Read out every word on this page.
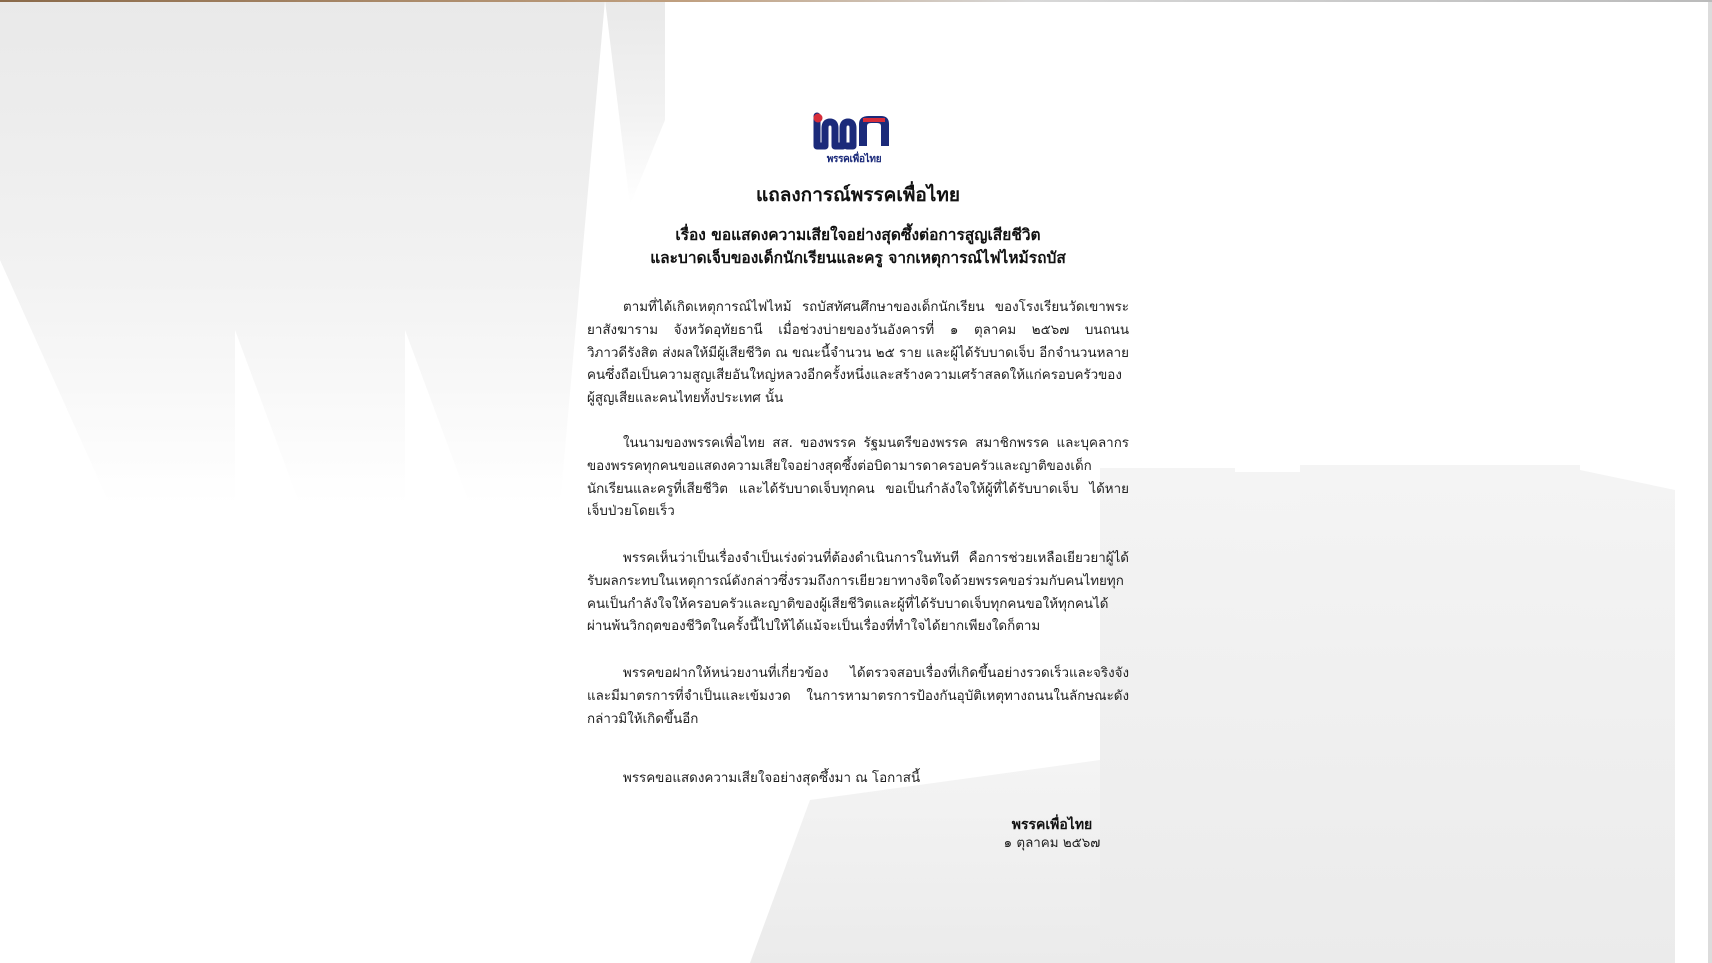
พรรคเพื่อไทย
แถลงการณ์พรรคเพื่อไทย
เรื่อง ขอแสดงความเสียใจอย่างสุดซึ้งต่อการสูญเสียชีวิต
และบาดเจ็บของเด็กนักเรียนและครู จากเหตุการณ์ไฟไหม้รถบัส

ตามที่ได้เกิดเหตุการณ์ไฟไหม้ รถบัสทัศนศึกษาของเด็กนักเรียน ของโรงเรียนวัดเขาพระยาสังฆาราม จังหวัดอุทัยธานี เมื่อช่วงบ่ายของวันอังคารที่ ๑ ตุลาคม ๒๕๖๗ บนถนนวิภาวดีรังสิต ส่งผลให้มีผู้เสียชีวิต ณ ขณะนี้จำนวน ๒๕ ราย และผู้ได้รับบาดเจ็บ อีกจำนวนหลายคนซึ่งถือเป็นความสูญเสียอันใหญ่หลวงอีกครั้งหนึ่งและสร้างความเศร้าสลดให้แก่ครอบครัวของผู้สูญเสียและคนไทยทั้งประเทศ นั้น

ในนามของพรรคเพื่อไทย สส. ของพรรค รัฐมนตรีของพรรค สมาชิกพรรค และบุคลากรของพรรคทุกคนขอแสดงความเสียใจอย่างสุดซึ้งต่อบิดามารดาครอบครัวและญาติของเด็กนักเรียนและครูที่เสียชีวิต และได้รับบาดเจ็บทุกคน ขอเป็นกำลังใจให้ผู้ที่ได้รับบาดเจ็บ ได้หายเจ็บป่วยโดยเร็ว

พรรคเห็นว่าเป็นเรื่องจำเป็นเร่งด่วนที่ต้องดำเนินการในทันที คือการช่วยเหลือเยียวยาผู้ได้รับผลกระทบในเหตุการณ์ดังกล่าวซึ่งรวมถึงการเยียวยาทางจิตใจด้วยพรรคขอร่วมกับคนไทยทุกคนเป็นกำลังใจให้ครอบครัวและญาติของผู้เสียชีวิตและผู้ที่ได้รับบาดเจ็บทุกคนขอให้ทุกคนได้ผ่านพ้นวิกฤตของชีวิตในครั้งนี้ไปให้ได้แม้จะเป็นเรื่องที่ทำใจได้ยากเพียงใดก็ตาม

พรรคขอฝากให้หน่วยงานที่เกี่ยวข้อง ได้ตรวจสอบเรื่องที่เกิดขึ้นอย่างรวดเร็วและจริงจังและมีมาตรการที่จำเป็นและเข้มงวด ในการหามาตรการป้องกันอุบัติเหตุทางถนนในลักษณะดังกล่าวมิให้เกิดขึ้นอีก

พรรคขอแสดงความเสียใจอย่างสุดซึ้งมา ณ โอกาสนี้
พรรคเพื่อไทย
๑ ตุลาคม ๒๕๖๗
